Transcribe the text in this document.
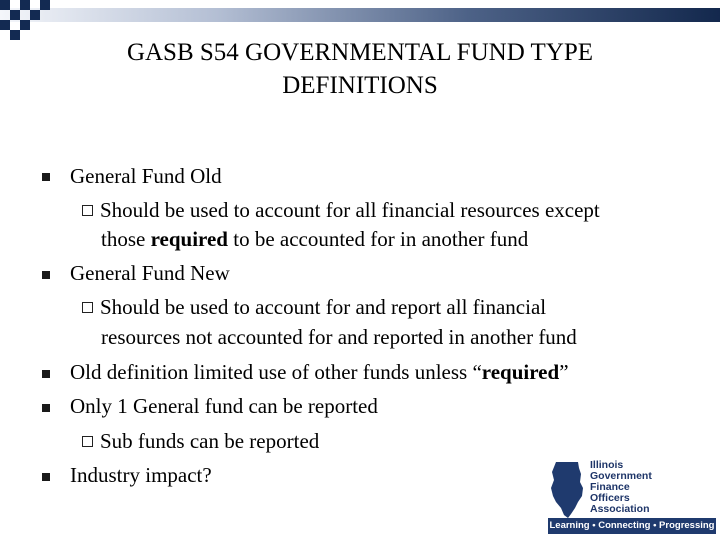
GASB S54 GOVERNMENTAL FUND TYPE
DEFINITIONS
General Fund Old
Should be used to account for all financial resources except
those required to be accounted for in another fund
General Fund New
Should be used to account for and report all financial
resources not accounted for and reported in another fund
Old definition limited use of other funds unless “required”
Only 1 General fund can be reported
Sub funds can be reported
Industry impact?	Illinois
Government
Finance
Officers
Association
Learning • Connecting • Progressing
